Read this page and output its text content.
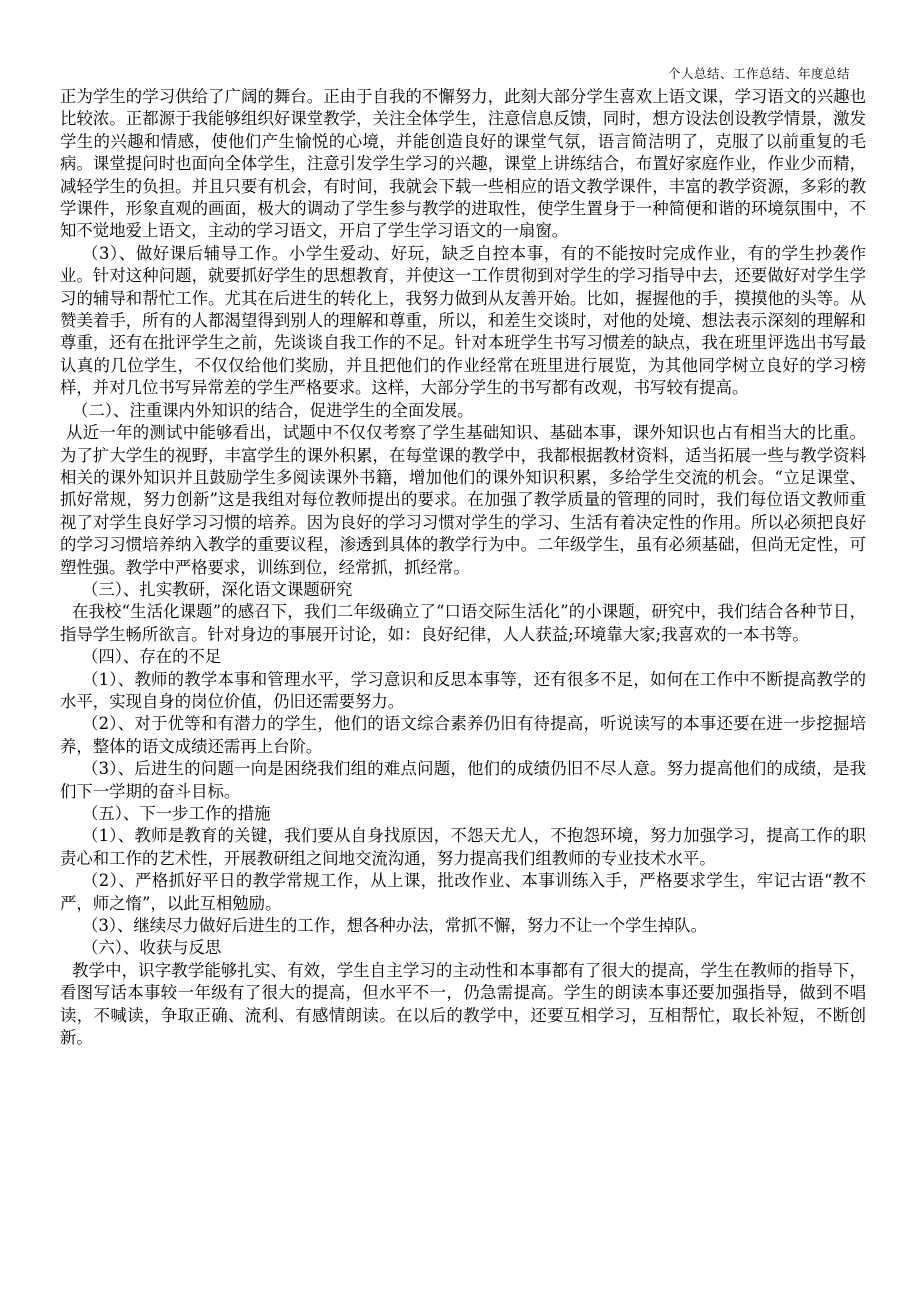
个人总结、工作总结、年度总结

正为学生的学习供给了广阔的舞台。正由于自我的不懈努力，此刻大部分学生喜欢上语文课，学习语文的兴趣也比较浓。正都源于我能够组织好课堂教学，关注全体学生，注意信息反馈，同时，想方设法创设教学情景，激发学生的兴趣和情感，使他们产生愉悦的心境，并能创造良好的课堂气氛，语言简洁明了，克服了以前重复的毛病。课堂提问时也面向全体学生，注意引发学生学习的兴趣，课堂上讲练结合，布置好家庭作业，作业少而精，减轻学生的负担。并且只要有机会，有时间，我就会下载一些相应的语文教学课件，丰富的教学资源，多彩的教学课件，形象直观的画面，极大的调动了学生参与教学的进取性，使学生置身于一种简便和谐的环境氛围中，不知不觉地爱上语文，主动的学习语文，开启了学生学习语文的一扇窗。

（3）、做好课后辅导工作。小学生爱动、好玩，缺乏自控本事，有的不能按时完成作业，有的学生抄袭作业。针对这种问题，就要抓好学生的思想教育，并使这一工作贯彻到对学生的学习指导中去，还要做好对学生学习的辅导和帮忙工作。尤其在后进生的转化上，我努力做到从友善开始。比如，握握他的手，摸摸他的头等。从赞美着手，所有的人都渴望得到别人的理解和尊重，所以，和差生交谈时，对他的处境、想法表示深刻的理解和尊重，还有在批评学生之前，先谈谈自我工作的不足。针对本班学生书写习惯差的缺点，我在班里评选出书写最认真的几位学生，不仅仅给他们奖励，并且把他们的作业经常在班里进行展览，为其他同学树立良好的学习榜样，并对几位书写异常差的学生严格要求。这样，大部分学生的书写都有改观，书写较有提高。

（二）、注重课内外知识的结合，促进学生的全面发展。

从近一年的测试中能够看出，试题中不仅仅考察了学生基础知识、基础本事，课外知识也占有相当大的比重。为了扩大学生的视野，丰富学生的课外积累，在每堂课的教学中，我都根据教材资料，适当拓展一些与教学资料相关的课外知识并且鼓励学生多阅读课外书籍，增加他们的课外知识积累，多给学生交流的机会。“立足课堂、抓好常规，努力创新”这是我组对每位教师提出的要求。在加强了教学质量的管理的同时，我们每位语文教师重视了对学生良好学习习惯的培养。因为良好的学习习惯对学生的学习、生活有着决定性的作用。所以必须把良好的学习习惯培养纳入教学的重要议程，渗透到具体的教学行为中。二年级学生，虽有必须基础，但尚无定性，可塑性强。教学中严格要求，训练到位，经常抓，抓经常。

（三）、扎实教研，深化语文课题研究

在我校“生活化课题”的感召下，我们二年级确立了“口语交际生活化”的小课题，研究中，我们结合各种节日，指导学生畅所欲言。针对身边的事展开讨论，如：良好纪律，人人获益;环境靠大家;我喜欢的一本书等。

（四）、存在的不足

（1）、教师的教学本事和管理水平，学习意识和反思本事等，还有很多不足，如何在工作中不断提高教学的水平，实现自身的岗位价值，仍旧还需要努力。

（2）、对于优等和有潜力的学生，他们的语文综合素养仍旧有待提高，听说读写的本事还要在进一步挖掘培养，整体的语文成绩还需再上台阶。

（3）、后进生的问题一向是困绕我们组的难点问题，他们的成绩仍旧不尽人意。努力提高他们的成绩，是我们下一学期的奋斗目标。

（五）、下一步工作的措施

（1）、教师是教育的关键，我们要从自身找原因，不怨天尤人，不抱怨环境，努力加强学习，提高工作的职责心和工作的艺术性，开展教研组之间地交流沟通，努力提高我们组教师的专业技术水平。

（2）、严格抓好平日的教学常规工作，从上课，批改作业、本事训练入手，严格要求学生，牢记古语“教不严，师之惰”，以此互相勉励。

（3）、继续尽力做好后进生的工作，想各种办法，常抓不懈，努力不让一个学生掉队。

（六）、收获与反思

教学中，识字教学能够扎实、有效，学生自主学习的主动性和本事都有了很大的提高，学生在教师的指导下，看图写话本事较一年级有了很大的提高，但水平不一，仍急需提高。学生的朗读本事还要加强指导，做到不唱读，不喊读，争取正确、流利、有感情朗读。在以后的教学中，还要互相学习，互相帮忙，取长补短，不断创新。
